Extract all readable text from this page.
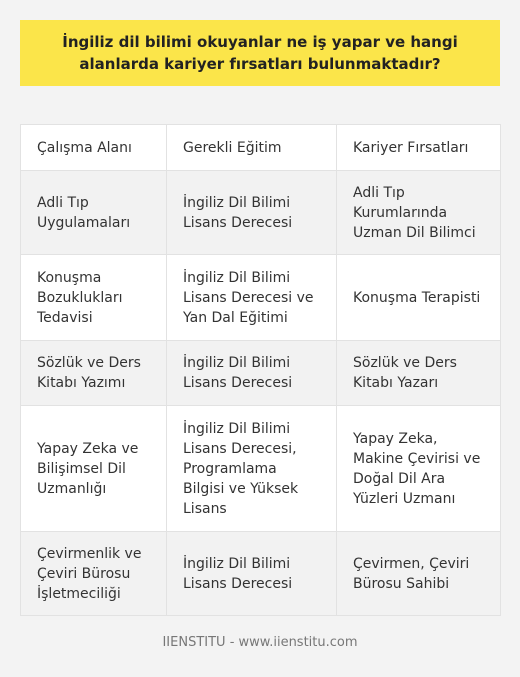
İngiliz dil bilimi okuyanlar ne iş yapar ve hangi alanlarda kariyer fırsatları bulunmaktadır?
Çalışma Alanı	Gerekli Eğitim	Kariyer Fırsatları
Adli Tıp Uygulamaları	İngiliz Dil Bilimi Lisans Derecesi	Adli Tıp Kurumlarında Uzman Dil Bilimci
Konuşma Bozuklukları Tedavisi	İngiliz Dil Bilimi Lisans Derecesi ve Yan Dal Eğitimi	Konuşma Terapisti
Sözlük ve Ders Kitabı Yazımı	İngiliz Dil Bilimi Lisans Derecesi	Sözlük ve Ders Kitabı Yazarı
Yapay Zeka ve Bilişimsel Dil Uzmanlığı	İngiliz Dil Bilimi Lisans Derecesi, Programlama Bilgisi ve Yüksek Lisans	Yapay Zeka, Makine Çevirisi ve Doğal Dil Ara Yüzleri Uzmanı
Çevirmenlik ve Çeviri Bürosu İşletmeciliği	İngiliz Dil Bilimi Lisans Derecesi	Çevirmen, Çeviri Bürosu Sahibi
IIENSTITU - www.iienstitu.com
